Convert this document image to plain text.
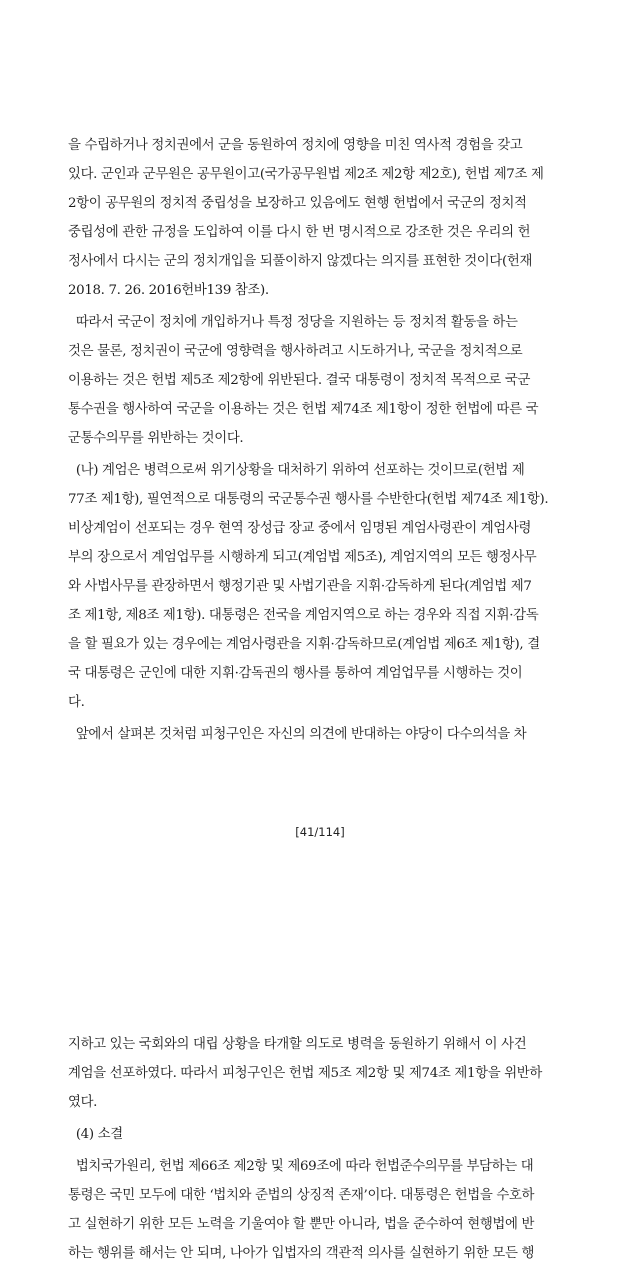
을 수립하거나 정치권에서 군을 동원하여 정치에 영향을 미친 역사적 경험을 갖고
있다. 군인과 군무원은 공무원이고(국가공무원법 제2조 제2항 제2호), 헌법 제7조 제
2항이 공무원의 정치적 중립성을 보장하고 있음에도 현행 헌법에서 국군의 정치적
중립성에 관한 규정을 도입하여 이를 다시 한 번 명시적으로 강조한 것은 우리의 헌
정사에서 다시는 군의 정치개입을 되풀이하지 않겠다는 의지를 표현한 것이다(헌재
2018. 7. 26. 2016헌바139 참조).
따라서 국군이 정치에 개입하거나 특정 정당을 지원하는 등 정치적 활동을 하는
것은 물론, 정치권이 국군에 영향력을 행사하려고 시도하거나, 국군을 정치적으로
이용하는 것은 헌법 제5조 제2항에 위반된다. 결국 대통령이 정치적 목적으로 국군
통수권을 행사하여 국군을 이용하는 것은 헌법 제74조 제1항이 정한 헌법에 따른 국
군통수의무를 위반하는 것이다.
(나) 계엄은 병력으로써 위기상황을 대처하기 위하여 선포하는 것이므로(헌법 제
77조 제1항), 필연적으로 대통령의 국군통수권 행사를 수반한다(헌법 제74조 제1항).
비상계엄이 선포되는 경우 현역 장성급 장교 중에서 임명된 계엄사령관이 계엄사령
부의 장으로서 계엄업무를 시행하게 되고(계엄법 제5조), 계엄지역의 모든 행정사무
와 사법사무를 관장하면서 행정기관 및 사법기관을 지휘·감독하게 된다(계엄법 제7
조 제1항, 제8조 제1항). 대통령은 전국을 계엄지역으로 하는 경우와 직접 지휘·감독
을 할 필요가 있는 경우에는 계엄사령관을 지휘·감독하므로(계엄법 제6조 제1항), 결
국 대통령은 군인에 대한 지휘·감독권의 행사를 통하여 계엄업무를 시행하는 것이
다.
앞에서 살펴본 것처럼 피청구인은 자신의 의견에 반대하는 야당이 다수의석을 차
[41/114]
지하고 있는 국회와의 대립 상황을 타개할 의도로 병력을 동원하기 위해서 이 사건
계엄을 선포하였다. 따라서 피청구인은 헌법 제5조 제2항 및 제74조 제1항을 위반하
였다.
(4) 소결
법치국가원리, 헌법 제66조 제2항 및 제69조에 따라 헌법준수의무를 부담하는 대
통령은 국민 모두에 대한 ‘법치와 준법의 상징적 존재’이다. 대통령은 헌법을 수호하
고 실현하기 위한 모든 노력을 기울여야 할 뿐만 아니라, 법을 준수하여 현행법에 반
하는 행위를 해서는 안 되며, 나아가 입법자의 객관적 의사를 실현하기 위한 모든 행
